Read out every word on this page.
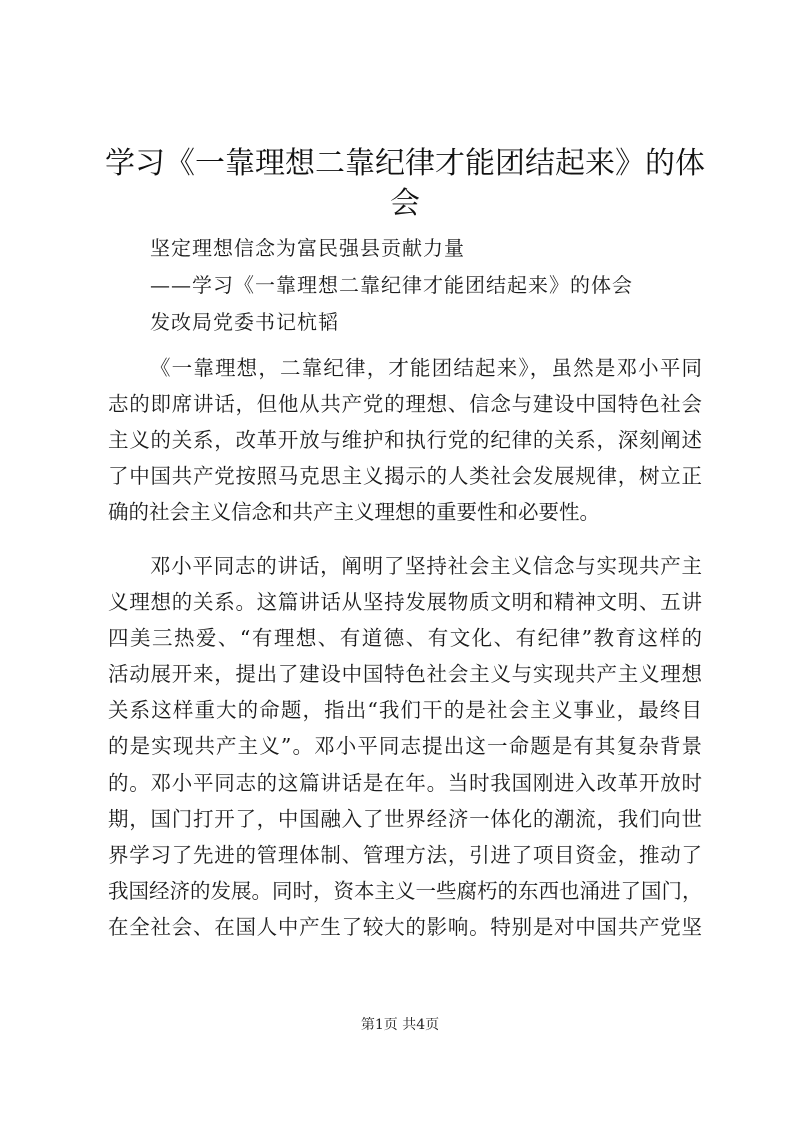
学习《一靠理想二靠纪律才能团结起来》的体
会
坚定理想信念为富民强县贡献力量
——学习《一靠理想二靠纪律才能团结起来》的体会
发改局党委书记杭韬
《一靠理想，二靠纪律，才能团结起来》，虽然是邓小平同
志的即席讲话，但他从共产党的理想、信念与建设中国特色社会
主义的关系，改革开放与维护和执行党的纪律的关系，深刻阐述
了中国共产党按照马克思主义揭示的人类社会发展规律，树立正
确的社会主义信念和共产主义理想的重要性和必要性。
邓小平同志的讲话，阐明了坚持社会主义信念与实现共产主
义理想的关系。这篇讲话从坚持发展物质文明和精神文明、五讲
四美三热爱、“有理想、有道德、有文化、有纪律”教育这样的
活动展开来，提出了建设中国特色社会主义与实现共产主义理想
关系这样重大的命题，指出“我们干的是社会主义事业，最终目
的是实现共产主义”。邓小平同志提出这一命题是有其复杂背景
的。邓小平同志的这篇讲话是在年。当时我国刚进入改革开放时
期，国门打开了，中国融入了世界经济一体化的潮流，我们向世
界学习了先进的管理体制、管理方法，引进了项目资金，推动了
我国经济的发展。同时，资本主义一些腐朽的东西也涌进了国门，
在全社会、在国人中产生了较大的影响。特别是对中国共产党坚
第1页 共4页
